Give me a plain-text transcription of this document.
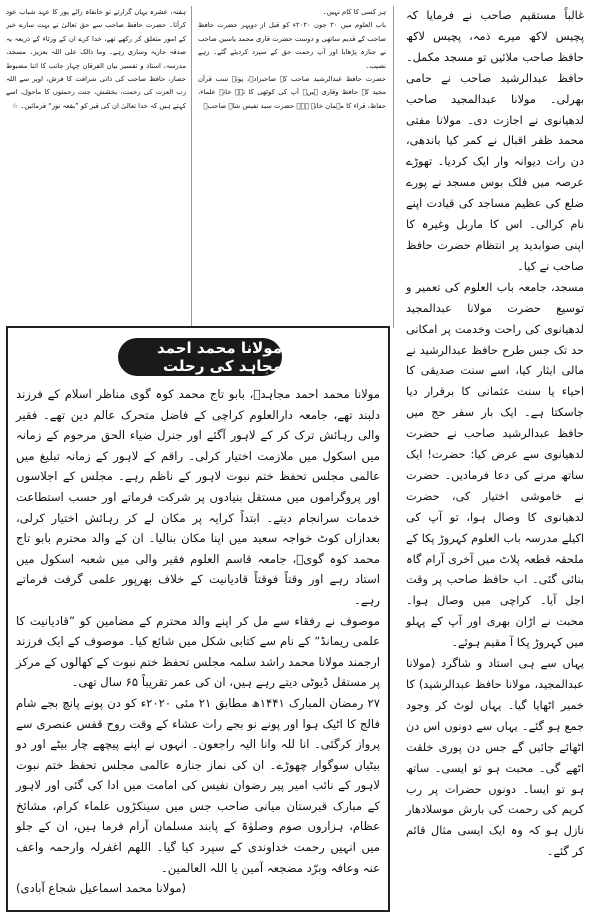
غالباً مستقیم صاحب نے فرمایا کہ پچیس لاکھ میرے ذمہ، پچیس لاکھ حافظ صاحب ملائیں تو مسجد مکمل۔ حافظ عبدالرشید صاحب نے حامی بھرلی۔ مولانا عبدالمجید صاحب لدھیانوی نے اجازت دی۔ مولانا مفتی محمد ظفر اقبال نے کمر کیا باندھی، دن رات دیوانہ وار ایک کردیا۔ تھوڑے عرصہ میں فلک بوس مسجد نے پورے ضلع کی عظیم مساجد کی قیادت اپنے نام کرالی۔ اس کا ماربل وغیرہ کا اپنی صوابدید پر انتظام حضرت حافظ صاحب نے کیا۔

مسجد، جامعہ باب العلوم کی تعمیر و توسیع حضرت مولانا عبدالمجید لدھیانوی کی راحت وخدمت پر امکانی حد تک جس طرح حافظ عبدالرشید نے مالی ایثار کیا، اسے سنت صدیقی کا احیاء یا سنت عثمانی کا برقرار دیا جاسکتا ہے۔ ایک بار سفر حج میں حافظ عبدالرشید صاحب نے حضرت لدھیانوی سے عرض کیا: حضرت! ایک ساتھ مرنے کی دعا فرمادیں۔ حضرت نے خاموشی اختیار کی، حضرت لدھیانوی کا وصال ہوا، تو آپ کی اکیلے مدرسہ باب العلوم کہروڑ پکا کے ملحقہ قطعہ پلاٹ میں آخری آرام گاہ بنائی گئی۔ اب حافظ صاحب پر وقت اجل آیا۔ کراچی میں وصال ہوا۔ محبت نے اڑان بھری اور آپ کے پہلو میں کہروڑ پکا آ مقیم ہوئے۔

یہاں سے ہی استاد و شاگرد (مولانا عبدالمجید، مولانا حافظ عبدالرشید) کا خمیر اٹھایا گیا۔ یہاں لوٹ کر وجود جمع ہو گئے۔ یہاں سے دونوں اس دن اٹھائے جائیں گے جس دن پوری خلقت اٹھے گی۔ محبت ہو تو ایسی۔ ساتھ ہو تو ایسا۔ دونوں حضرات پر رب کریم کی رحمت کی بارش موسلادھار نازل ہو کہ وہ ایک ایسی مثال قائم کر گئے۔

ہر کسی کا کام نہیں۔

باب العلوم میں ۳۰ جون ۲۰۲۰ء کو قبل از دوپہر حضرت حافظ صاحب کے قدیم ساتھی و دوست حضرت قاری محمد یاسین صاحب نے جنازہ پڑھایا اور آپ رحمت حق کے سپرد کردیئے گئے۔ زہے نصیب۔

حضرت حافظ عبدالرشید صاحب کے صاحبزادے، پوتے سب قرآن مجید کے حافظ وقاری ہیں۔ آپ کی کوٹھی کا تہہ خانہ علماء، حفاظ، قراء کا مہمان خانہ ہے۔ حضرت سید نفیس شاہ صاحبؒ

ہفتہ، عشرہ یہاں گزارتے تو خانقاہ رائے پور کا عہد شباب عود کرآتا۔ حضرت حافظ صاحب سے حق تعالیٰ نے بہت سارے خیر کے امور متعلق کر رکھے تھے، خدا کرے ان کے ورثاء کے ذریعہ یہ صدقہ جاریہ وساری رہے۔ وما ذالک علی اللہ بعزیز۔ مسجد، مدرسہ، استاذ و تفسیر بیان الفرقان چہار جانب کا اتنا مضبوط حصار، حافظ صاحب کی ذاتی شرافت کا فرش، اوپر سے اللہ رب العزت کی رحمت، بخشش، جنت رحمتوں کا ماحول، اسے کہتے ہیں کہ خدا تعالیٰ ان کی قبر کو ”بقعہ نور“ فرمائیں۔ ☆

مولانا محمد احمد مجاہد کی رحلت

مولانا محمد احمد مجاہدؒ، بابو تاج محمد کوہ گوی مناظر اسلام کے فرزند دلبند تھے، جامعہ دارالعلوم کراچی کے فاضل متحرک عالم دین تھے۔ فقیر والی رہائش ترک کر کے لاہور آگئے اور جنرل ضیاء الحق مرحوم کے زمانہ میں اسکول میں ملازمت اختیار کرلی۔ راقم کے لاہور کے زمانہ تبلیغ میں عالمی مجلس تحفظ ختم نبوت لاہور کے ناظم رہے۔ مجلس کے اجلاسوں اور پروگراموں میں مستقل بنیادوں پر شرکت فرماتے اور حسب استطاعت خدمات سرانجام دیتے۔ ابتداً کرایہ پر مکان لے کر رہائش اختیار کرلی، بعدازاں کوٹ خواجہ سعید میں اپنا مکان بنالیا۔ ان کے والد محترم بابو تاج محمد کوہ گویؒ، جامعہ قاسم العلوم فقیر والی میں شعبہ اسکول میں استاد رہے اور وقتاً فوقتاً قادیانیت کے خلاف بھرپور علمی گرفت فرماتے رہے۔

موصوف نے رفقاء سے مل کر اپنے والد محترم کے مضامین کو ”قادیانیت کا علمی ریمانڈ“ کے نام سے کتابی شکل میں شائع کیا۔ موصوف کے ایک فرزند ارجمند مولانا محمد راشد سلمہ مجلس تحفظ ختم نبوت کے کھالوں کے مرکز پر مستقل ڈیوٹی دیتے رہے ہیں، ان کی عمر تقریباً ۶۵ سال تھی۔

۲۷ رمضان المبارک ۱۴۴۱ھ مطابق ۲۱ مئی ۲۰۲۰ء کو دن پونے پانچ بجے شام فالج کا اٹیک ہوا اور پونے نو بجے رات عشاء کے وقت روح قفس عنصری سے پرواز کرگئی۔ انا للہ وانا الیہ راجعون۔ انہوں نے اپنے پیچھے چار بیٹے اور دو بیٹیاں سوگوار چھوڑے۔ ان کی نماز جنازہ عالمی مجلس تحفظ ختم نبوت لاہور کے نائب امیر پیر رضوان نفیس کی امامت میں ادا کی گئی اور لاہور کے مبارک قبرستان میانی صاحب جس میں سینکڑوں علماء کرام، مشائخ عظام، ہزاروں صوم وصلوٰۃ کے پابند مسلمان آرام فرما ہیں، ان کے جلو میں انہیں رحمت خداوندی کے سپرد کیا گیا۔ اللھم اغفرلہ وارحمہ واعف عنہ وعافہ وبرّد مضجعہ آمین یا اللہ العالمین۔

(مولانا محمد اسماعیل شجاع آبادی)
